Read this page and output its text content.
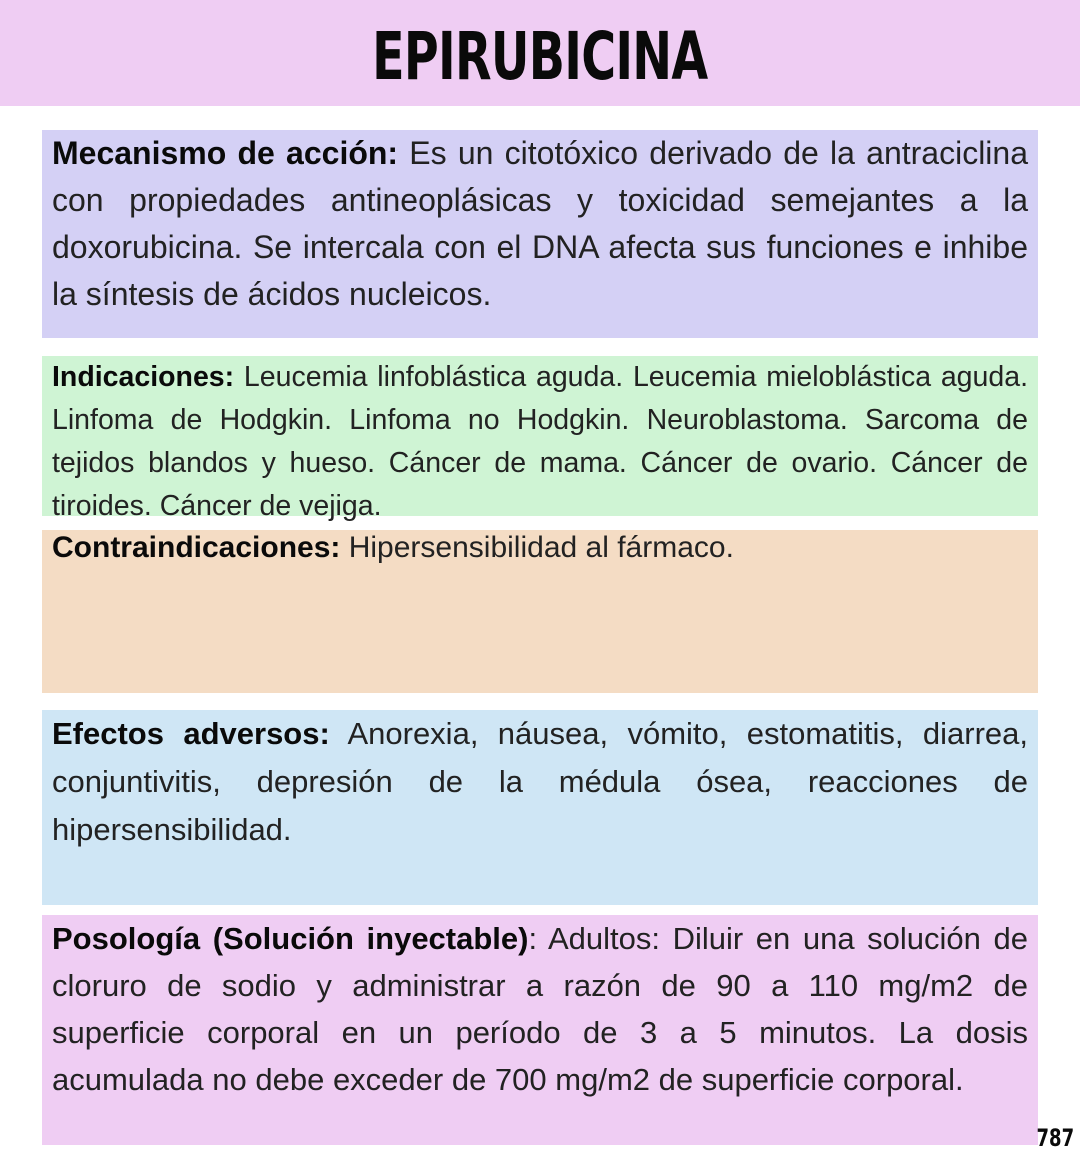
EPIRUBICINA

Mecanismo de acción: Es un citotóxico derivado de la antraciclina con propiedades antineoplásicas y toxicidad semejantes a la doxorubicina. Se intercala con el DNA afecta sus funciones e inhibe la síntesis de ácidos nucleicos.

Indicaciones: Leucemia linfoblástica aguda. Leucemia mieloblástica aguda. Linfoma de Hodgkin. Linfoma no Hodgkin. Neuroblastoma. Sarcoma de tejidos blandos y hueso. Cáncer de mama. Cáncer de ovario. Cáncer de tiroides. Cáncer de vejiga.

Contraindicaciones: Hipersensibilidad al fármaco.

Efectos adversos: Anorexia, náusea, vómito, estomatitis, diarrea, conjuntivitis, depresión de la médula ósea, reacciones de hipersensibilidad.

Posología (Solución inyectable): Adultos: Diluir en una solución de cloruro de sodio y administrar a razón de 90 a 110 mg/m2 de superficie corporal en un período de 3 a 5 minutos. La dosis acumulada no debe exceder de 700 mg/m2 de superficie corporal.

787
